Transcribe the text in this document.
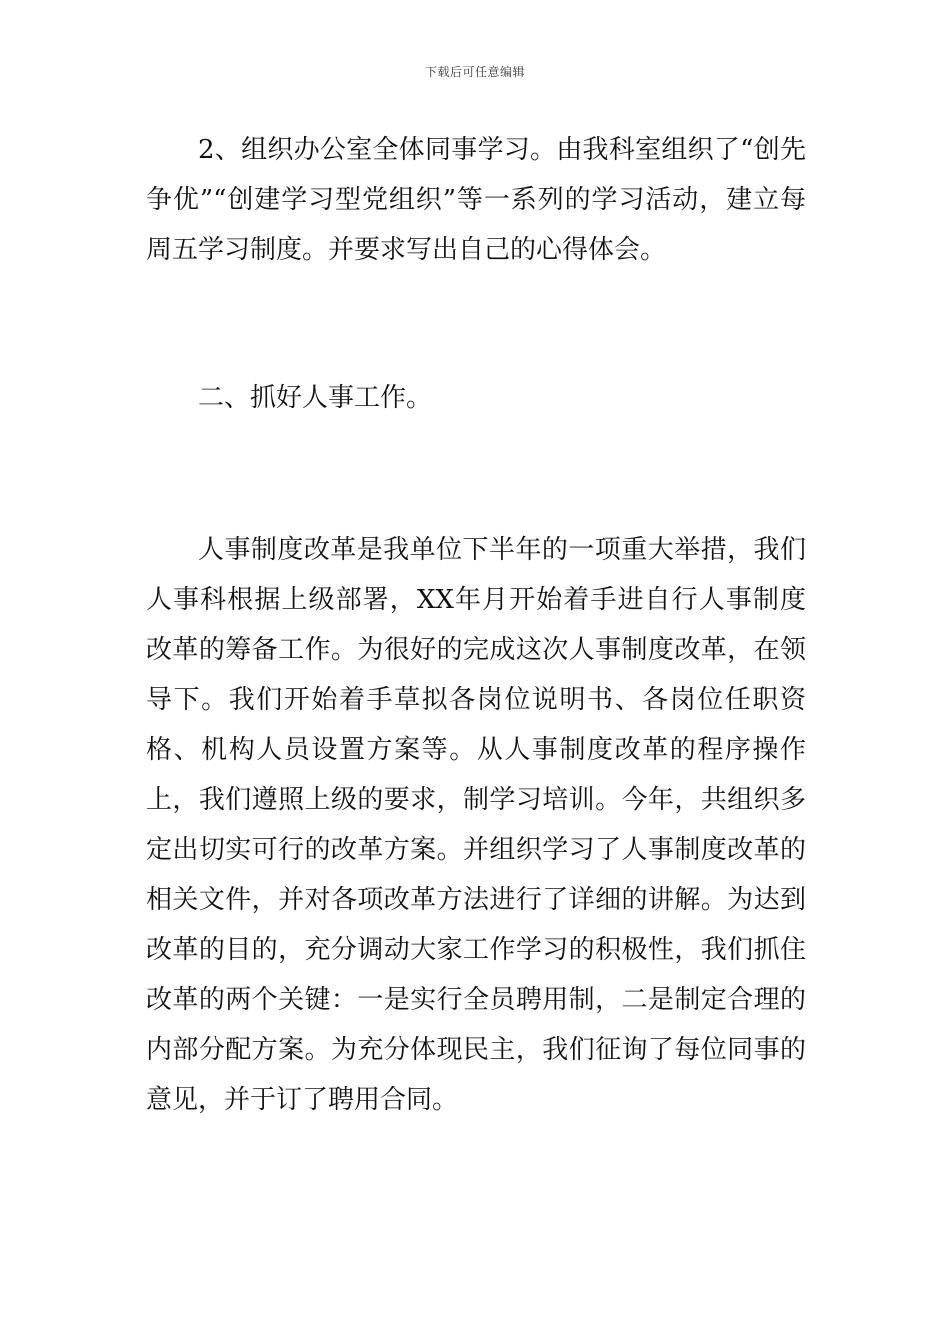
下载后可任意编辑

2、组织办公室全体同事学习。由我科室组织了“创先争优”“创建学习型党组织”等一系列的学习活动，建立每周五学习制度。并要求写出自己的心得体会。

二、抓好人事工作。

人事制度改革是我单位下半年的一项重大举措，我们人事科根据上级部署，XX年月开始着手进自行人事制度改革的筹备工作。为很好的完成这次人事制度改革，在领导下。我们开始着手草拟各岗位说明书、各岗位任职资格、机构人员设置方案等。从人事制度改革的程序操作上，我们遵照上级的要求，制学习培训。今年，共组织多定出切实可行的改革方案。并组织学习了人事制度改革的相关文件，并对各项改革方法进行了详细的讲解。为达到改革的目的，充分调动大家工作学习的积极性，我们抓住改革的两个关键：一是实行全员聘用制，二是制定合理的内部分配方案。为充分体现民主，我们征询了每位同事的意见，并于订了聘用合同。
